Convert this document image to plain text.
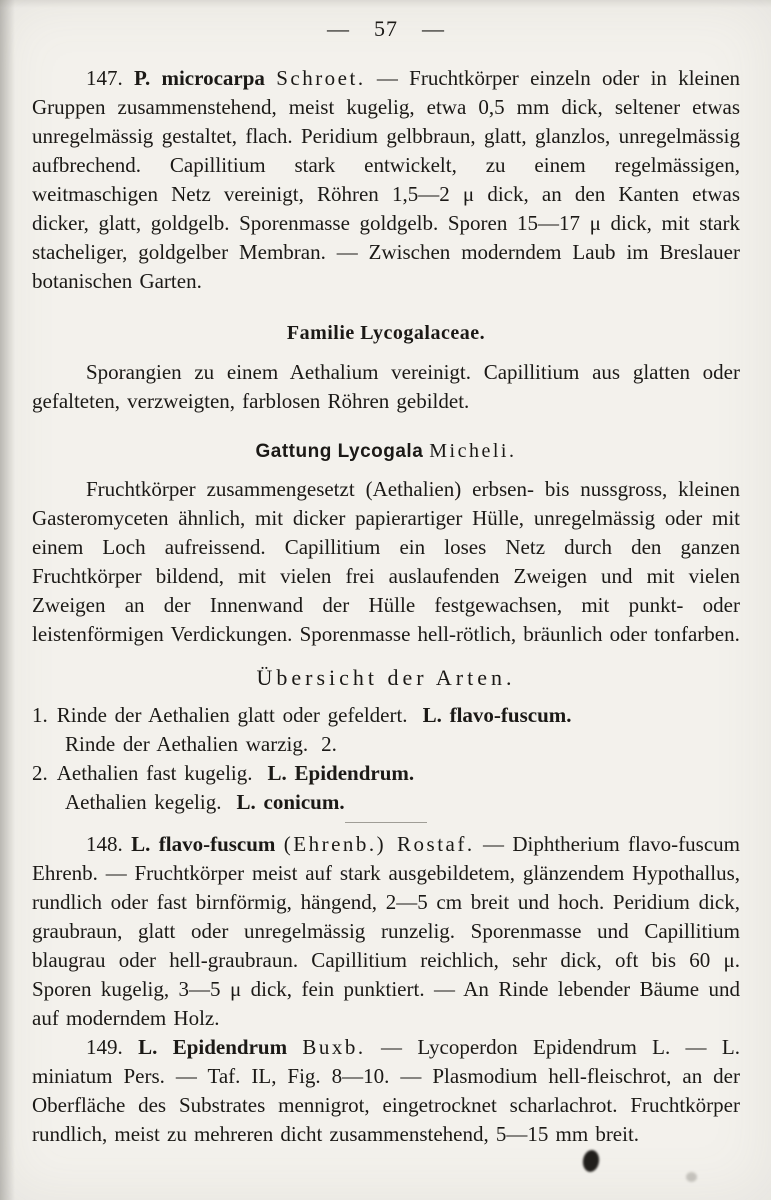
— 57 —

147. P. microcarpa Schroet. — Fruchtkörper einzeln oder in kleinen Gruppen zusammenstehend, meist kugelig, etwa 0,5 mm dick, seltener etwas unregelmässig gestaltet, flach. Peridium gelbbraun, glatt, glanzlos, unregelmässig aufbrechend. Capillitium stark entwickelt, zu einem regelmässigen, weitmaschigen Netz vereinigt, Röhren 1,5—2 μ dick, an den Kanten etwas dicker, glatt, goldgelb. Sporenmasse goldgelb. Sporen 15—17 μ dick, mit stark stacheliger, goldgelber Membran. — Zwischen moderndem Laub im Breslauer botanischen Garten.

Familie Lycogalaceae.

Sporangien zu einem Aethalium vereinigt. Capillitium aus glatten oder gefalteten, verzweigten, farblosen Röhren gebildet.

Gattung Lycogala Micheli.

Fruchtkörper zusammengesetzt (Aethalien) erbsen- bis nussgross, kleinen Gasteromyceten ähnlich, mit dicker papierartiger Hülle, unregelmässig oder mit einem Loch aufreissend. Capillitium ein loses Netz durch den ganzen Fruchtkörper bildend, mit vielen frei auslaufenden Zweigen und mit vielen Zweigen an der Innenwand der Hülle festgewachsen, mit punkt- oder leistenförmigen Verdickungen. Sporenmasse hell-rötlich, bräunlich oder tonfarben.

Übersicht der Arten.
1. Rinde der Aethalien glatt oder gefeldert. L. flavo-fuscum.
Rinde der Aethalien warzig. 2.
2. Aethalien fast kugelig. L. Epidendrum.
Aethalien kegelig. L. conicum.

148. L. flavo-fuscum (Ehrenb.) Rostaf. — Diphtherium flavo-fuscum Ehrenb. — Fruchtkörper meist auf stark ausgebildetem, glänzendem Hypothallus, rundlich oder fast birnförmig, hängend, 2—5 cm breit und hoch. Peridium dick, graubraun, glatt oder unregelmässig runzelig. Sporenmasse und Capillitium blaugrau oder hell-graubraun. Capillitium reichlich, sehr dick, oft bis 60 μ. Sporen kugelig, 3—5 μ dick, fein punktiert. — An Rinde lebender Bäume und auf moderndem Holz.

149. L. Epidendrum Buxb. — Lycoperdon Epidendrum L. — L. miniatum Pers. — Taf. IL, Fig. 8—10. — Plasmodium hell-fleischrot, an der Oberfläche des Substrates mennigrot, eingetrocknet scharlachrot. Fruchtkörper rundlich, meist zu mehreren dicht zusammenstehend, 5—15 mm breit.
